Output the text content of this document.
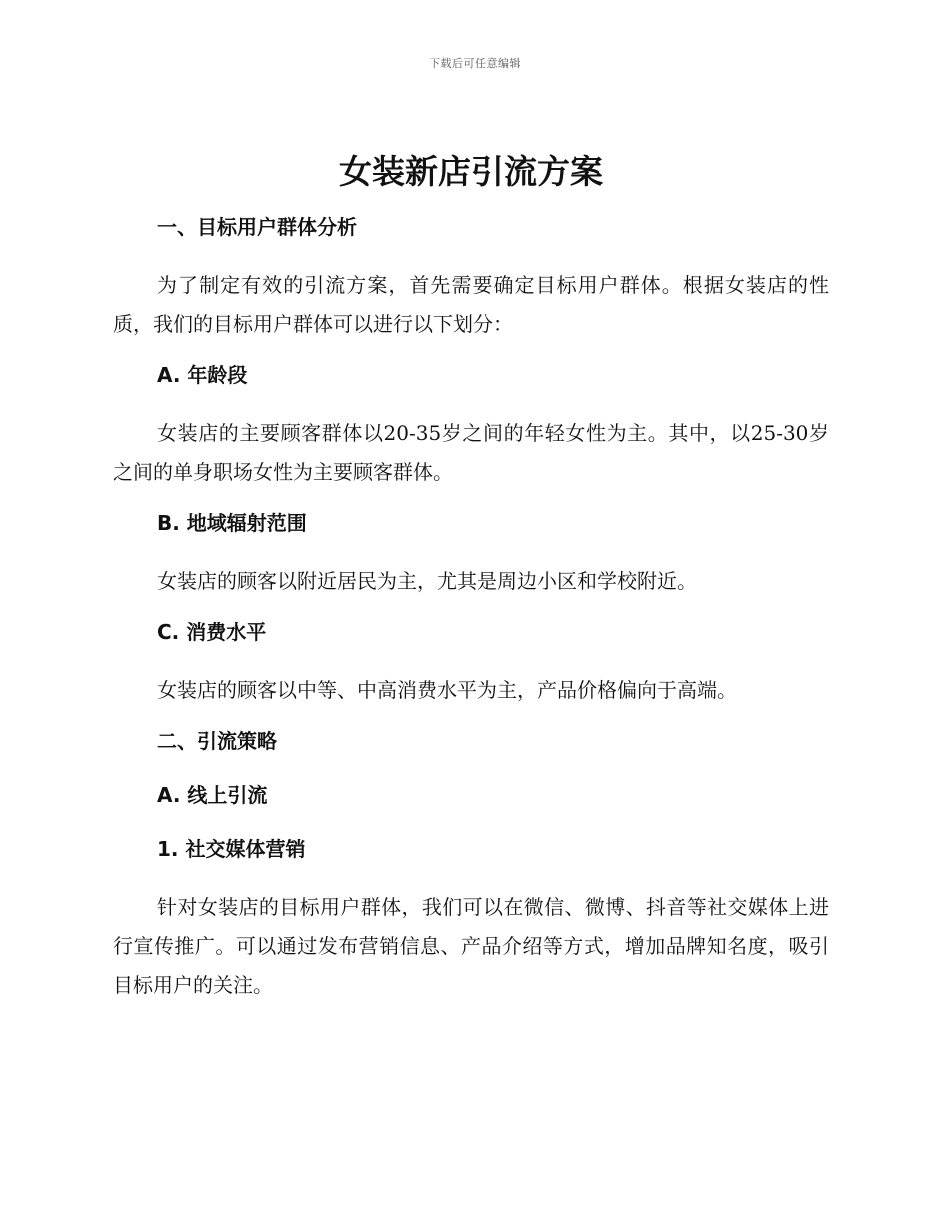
下载后可任意编辑
女装新店引流方案
一、目标用户群体分析

为了制定有效的引流方案，首先需要确定目标用户群体。根据女装店的性质，我们的目标用户群体可以进行以下划分：

A. 年龄段

女装店的主要顾客群体以20-35岁之间的年轻女性为主。其中，以25-30岁之间的单身职场女性为主要顾客群体。

B. 地域辐射范围

女装店的顾客以附近居民为主，尤其是周边小区和学校附近。

C. 消费水平

女装店的顾客以中等、中高消费水平为主，产品价格偏向于高端。

二、引流策略
A. 线上引流
1. 社交媒体营销

针对女装店的目标用户群体，我们可以在微信、微博、抖音等社交媒体上进行宣传推广。可以通过发布营销信息、产品介绍等方式，增加品牌知名度，吸引目标用户的关注。
